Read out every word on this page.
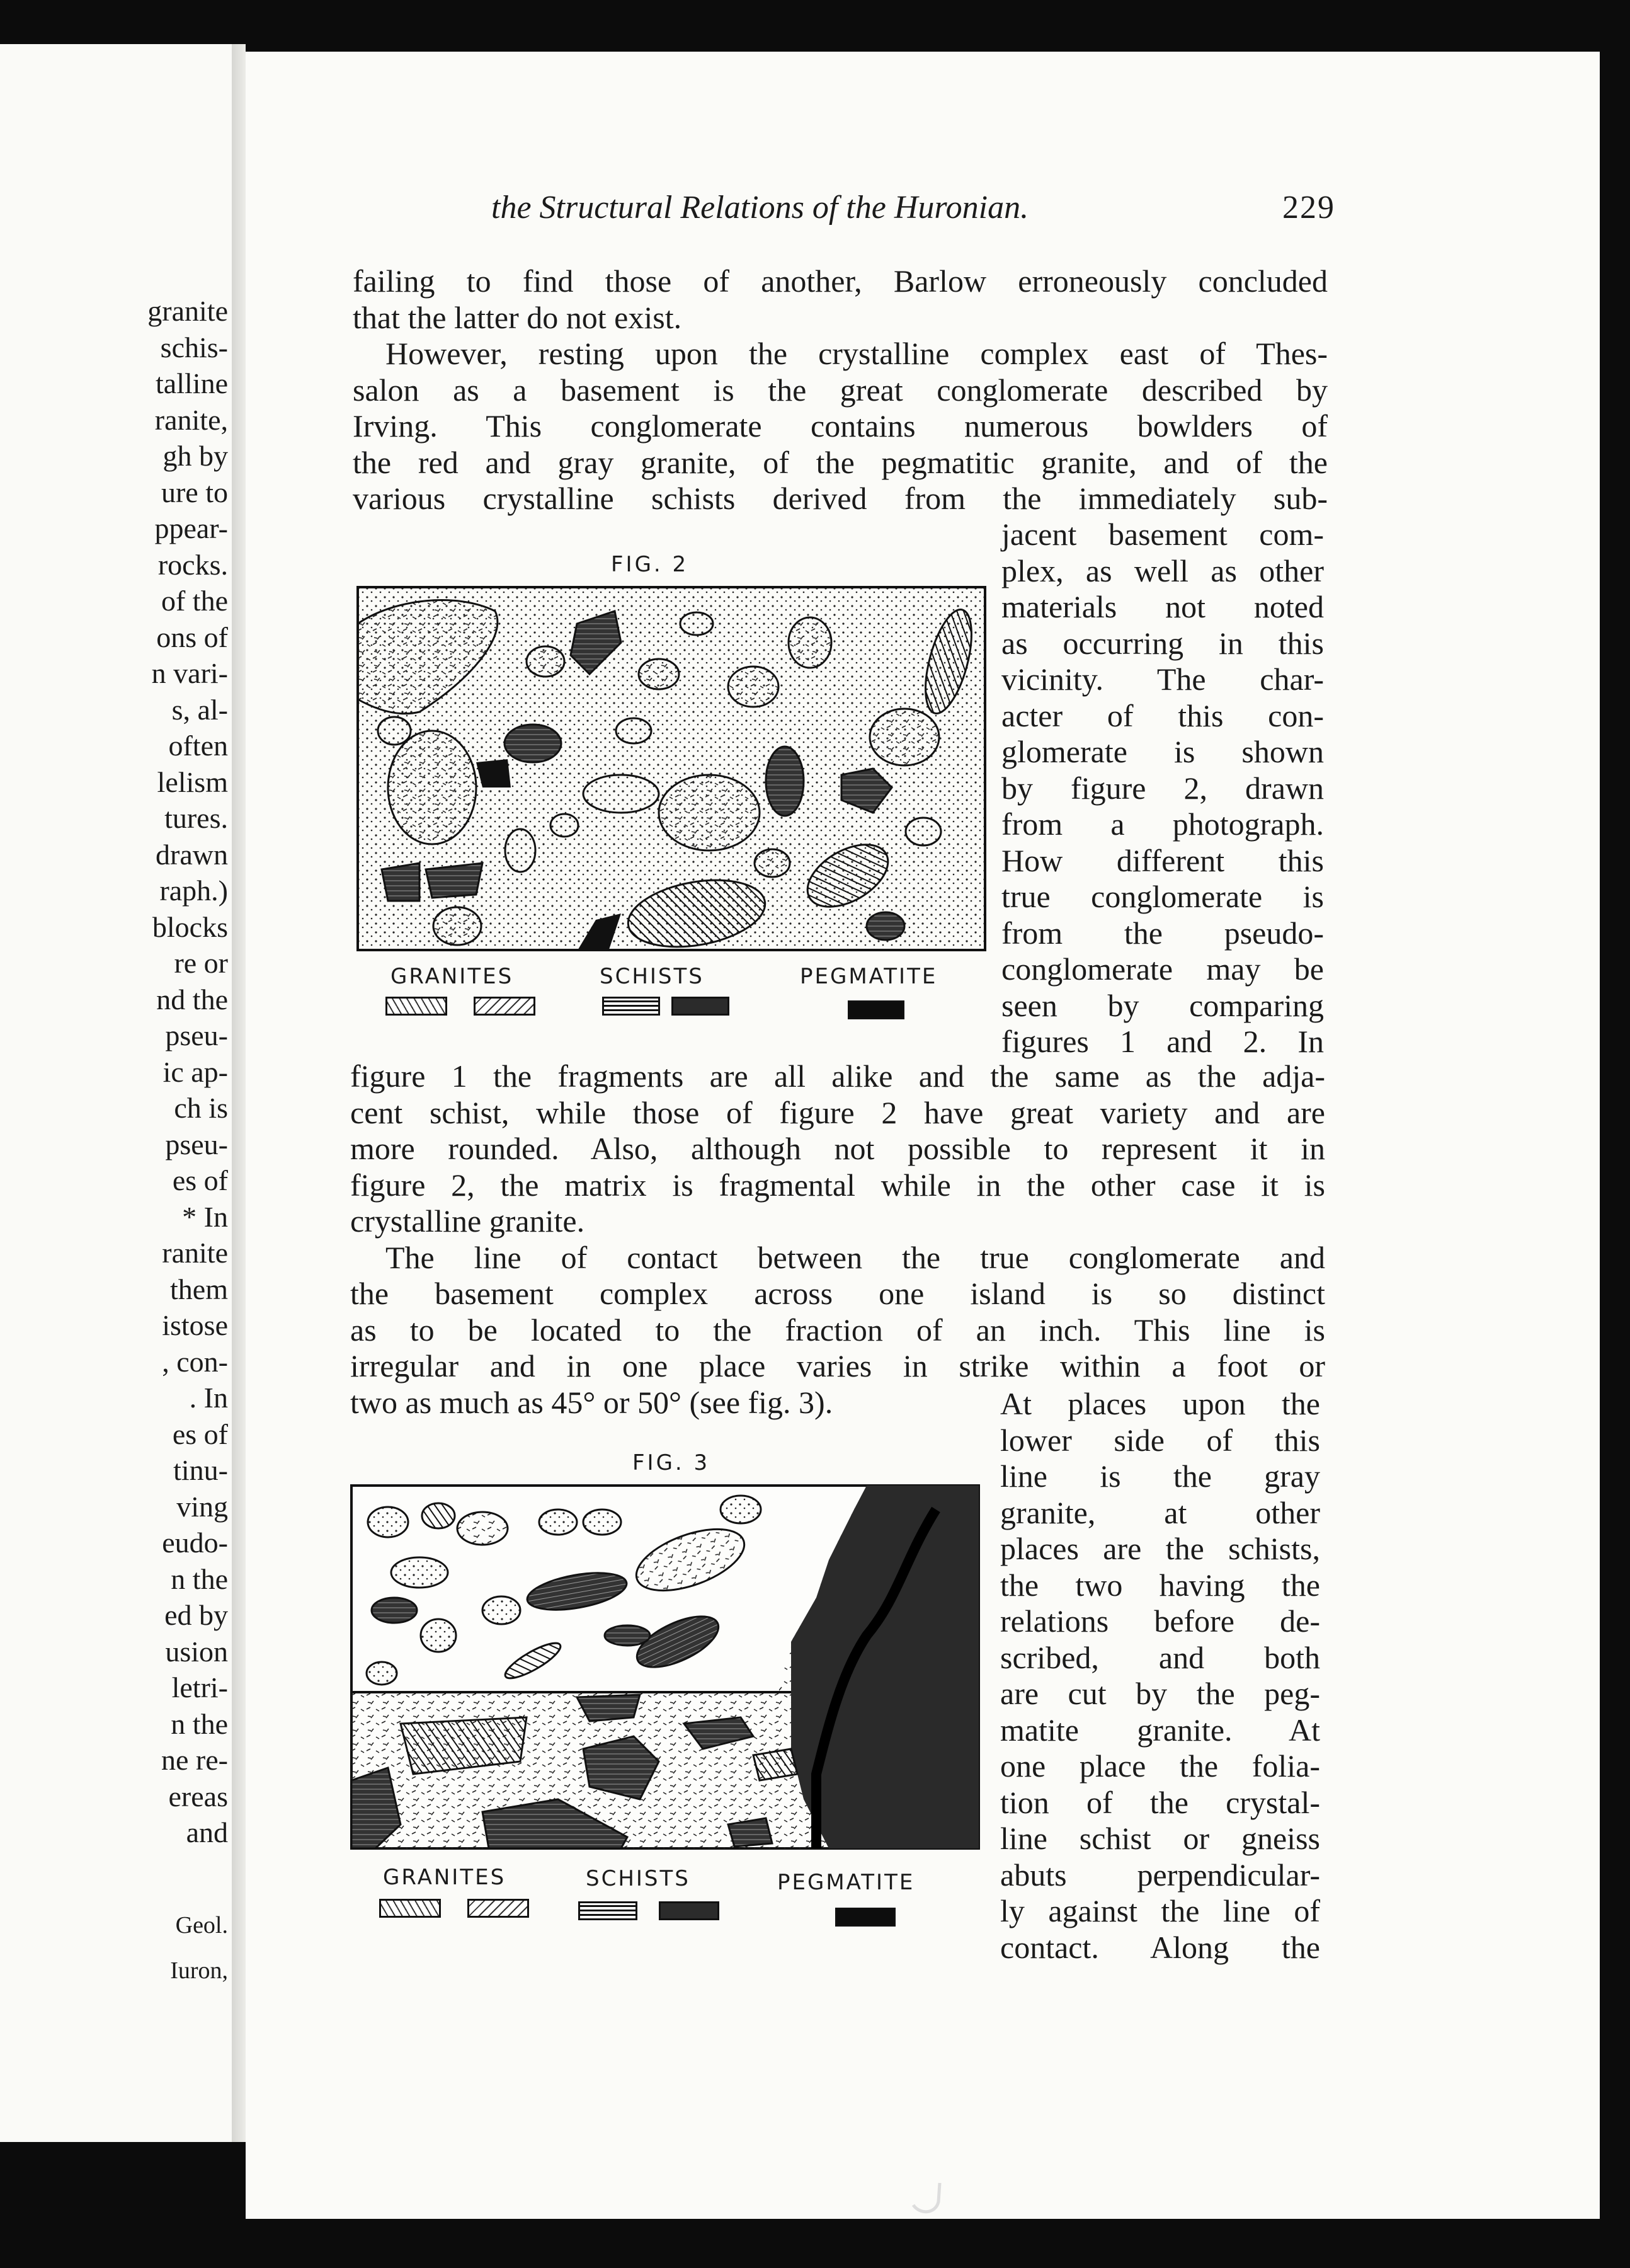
granite
schis-
talline
ranite,
gh by
ure to
ppear-
rocks.
of the
ons of
n vari-
s, al-
often
lelism
tures.
drawn
raph.)
blocks
re or
nd the
pseu-
ic ap-
ch is
pseu-
es of
* In
ranite
them
istose
, con-
. In
es of
tinu-
ving
eudo-
n the
ed by
usion
letri-
n the
ne re-
ereas
and
Geol.
Iuron,
the Structural Relations of the Huronian.	229
failing to find those of another, Barlow erroneously concluded
that the latter do not exist.
However, resting upon the crystalline complex east of Thes-
salon as a basement is the great conglomerate described by
Irving. This conglomerate contains numerous bowlders of
the red and gray granite, of the pegmatitic granite, and of the
various crystalline schists derived from the immediately sub-
jacent basement com-
plex, as well as other
materials not noted
as occurring in this
vicinity. The char-
acter of this con-
glomerate is shown
by figure 2, drawn
from a photograph.
How different this
true conglomerate is
from the pseudo-
conglomerate may be
seen by comparing
figures 1 and 2. In
figure 1 the fragments are all alike and the same as the adja-
cent schist, while those of figure 2 have great variety and are
more rounded. Also, although not possible to represent it in
figure 2, the matrix is fragmental while in the other case it is
crystalline granite.
The line of contact between the true conglomerate and
the basement complex across one island is so distinct
as to be located to the fraction of an inch. This line is
irregular and in one place varies in strike within a foot or
two as much as 45° or 50° (see fig. 3).	At places upon the
lower side of this
line is the gray
granite, at other
places are the schists,
the two having the
relations before de-
scribed, and both
are cut by the peg-
matite granite. At
one place the folia-
tion of the crystal-
line schist or gneiss
abuts perpendicular-
ly against the line of
contact. Along the
FIG. 2
GRANITES	SCHISTS	PEGMATITE
FIG. 3
GRANITES	SCHISTS	PEGMATITE
